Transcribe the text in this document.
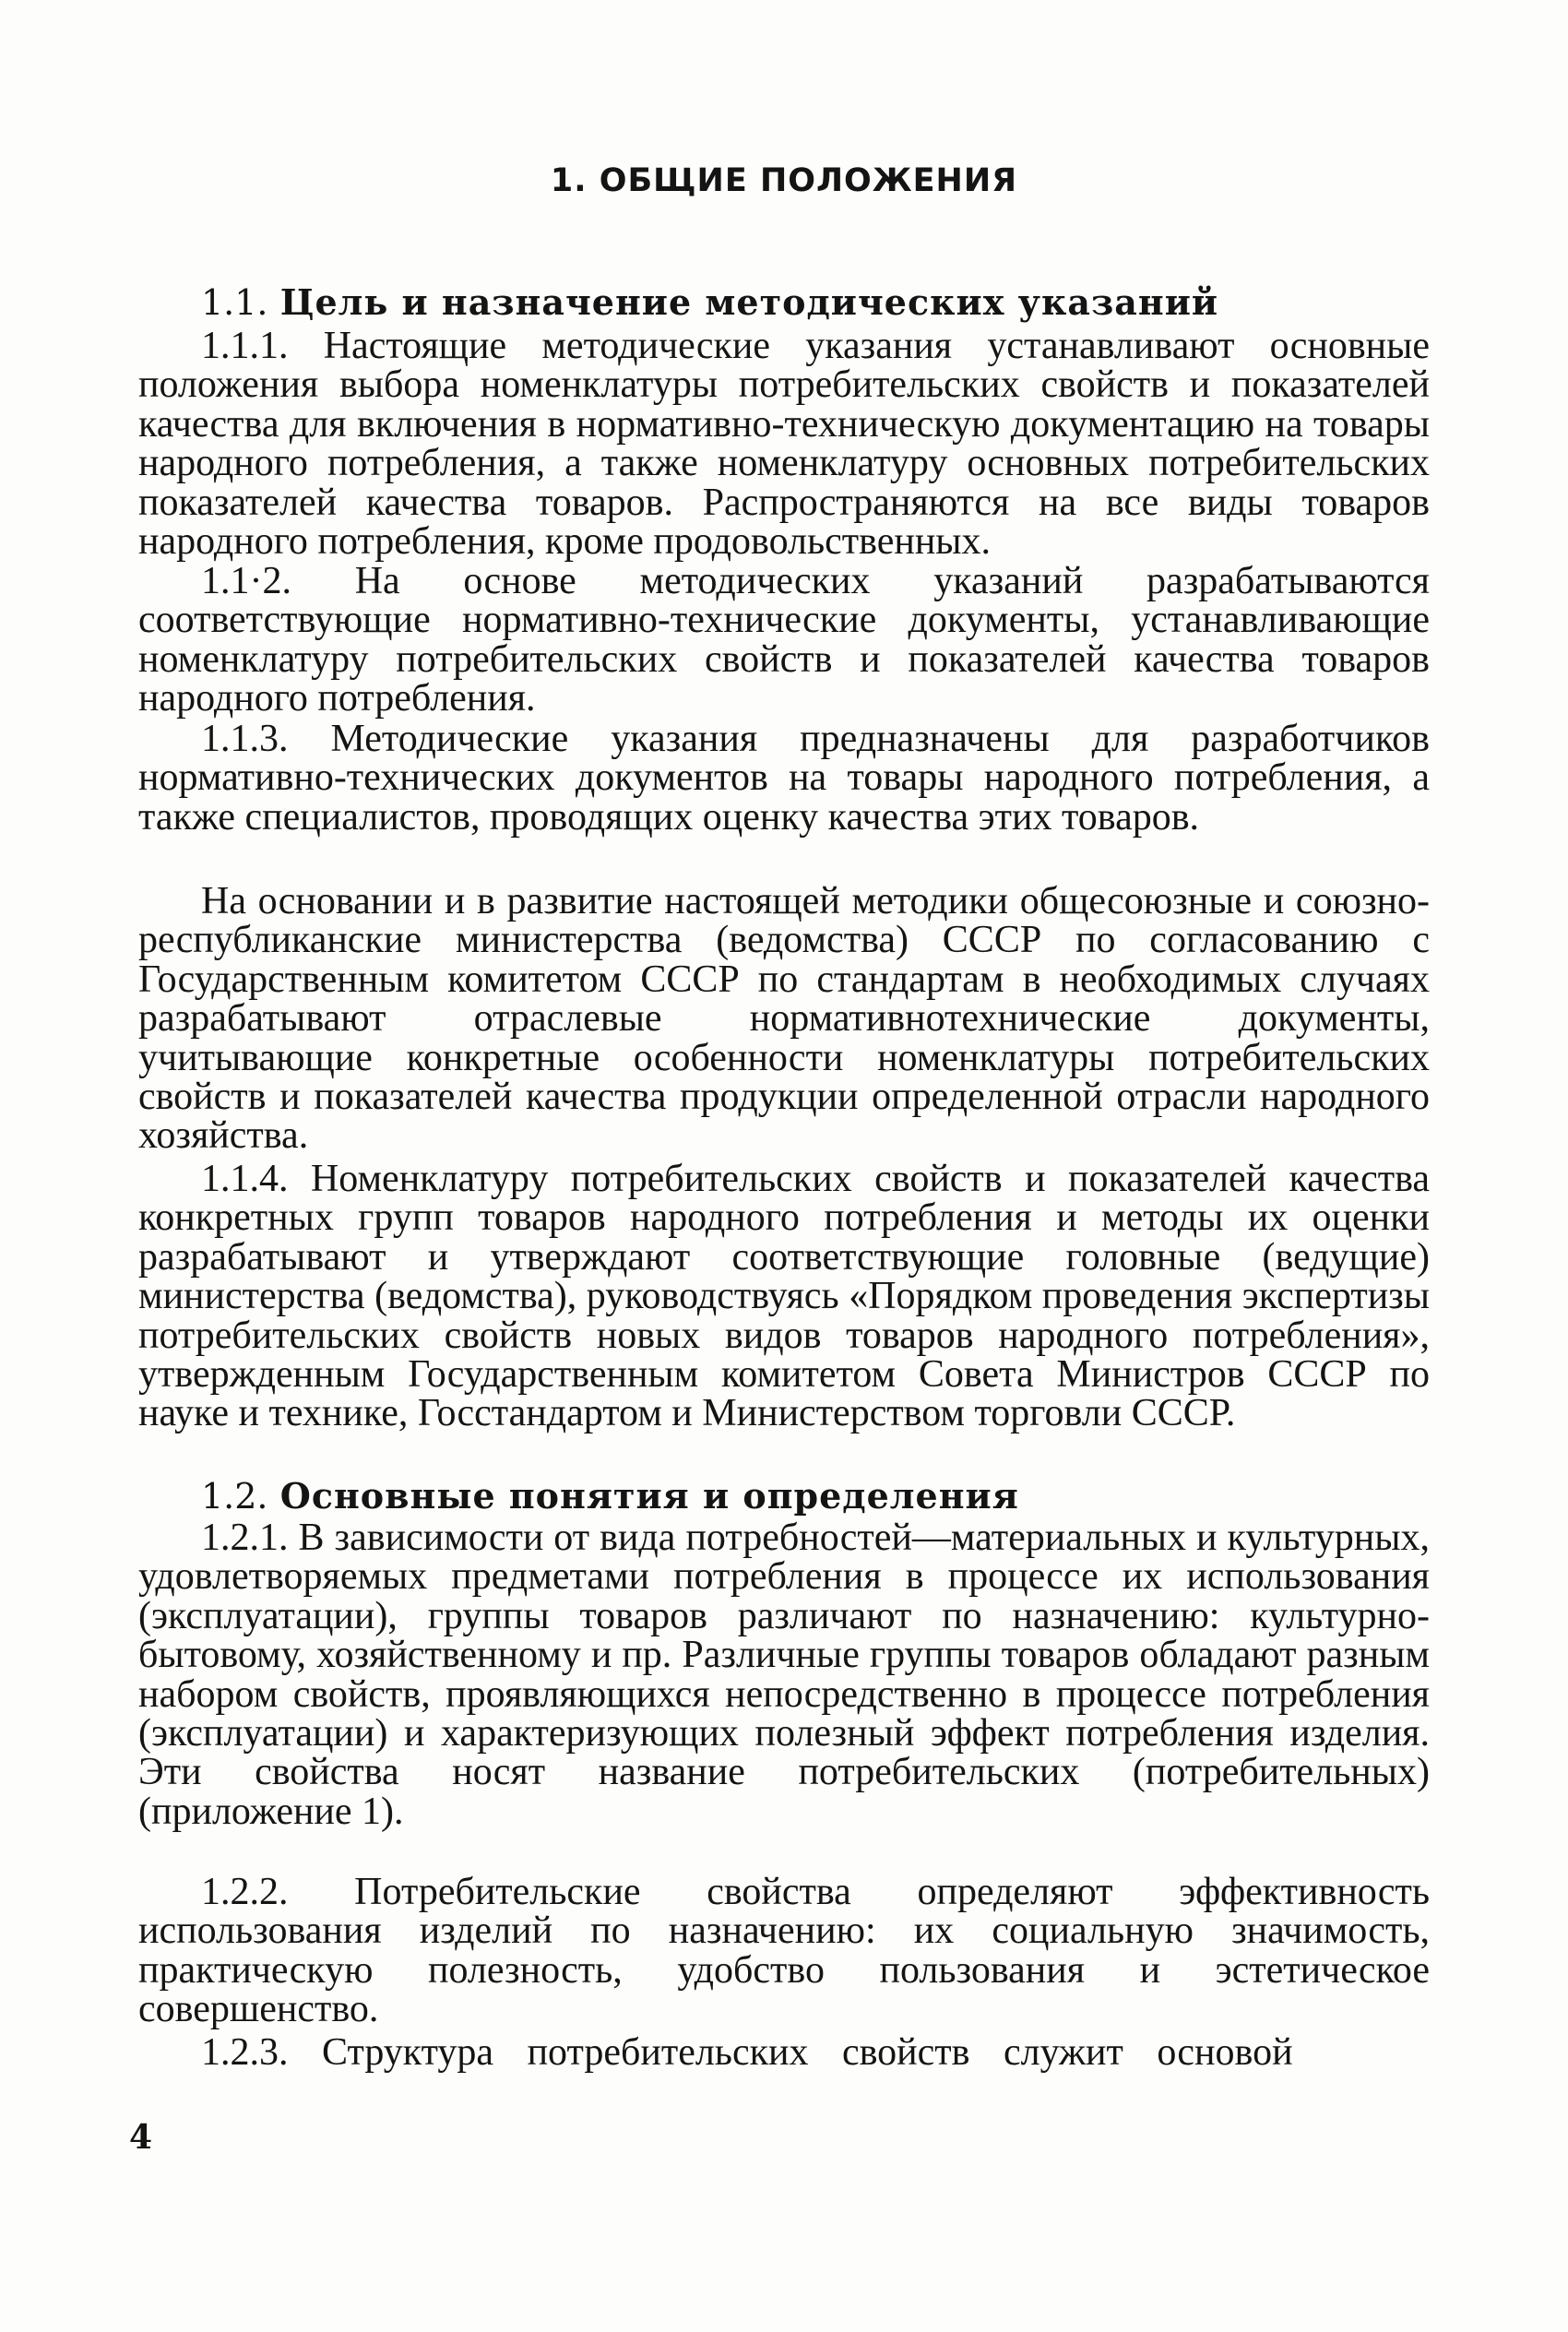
1. ОБЩИЕ ПОЛОЖЕНИЯ
1.1. Цель и назначение методических указаний

1.1.1. Настоящие методические указания устанавливают основные положения выбора номенклатуры потребительских свойств и показателей качества для включения в нормативно-техническую документацию на товары народного потребления, а также номенклатуру основных потребительских показателей качества товаров. Распространяются на все виды товаров народного потребления, кроме продовольственных.

1.1·2. На основе методических указаний разрабатываются соответствующие нормативно-технические документы, устанавливающие номенклатуру потребительских свойств и показателей качества товаров народного потребления.

1.1.3. Методические указания предназначены для разработчиков нормативно-технических документов на товары народного потребления, а также специалистов, проводящих оценку качества этих товаров.

На основании и в развитие настоящей методики общесоюзные и союзно-республиканские министерства (ведомства) СССР по согласованию с Государственным комитетом СССР по стандартам в необходимых случаях разрабатывают отраслевые нормативнотехнические документы, учитывающие конкретные особенности номенклатуры потребительских свойств и показателей качества продукции определенной отрасли народного хозяйства.

1.1.4. Номенклатуру потребительских свойств и показателей качества конкретных групп товаров народного потребления и методы их оценки разрабатывают и утверждают соответствующие головные (ведущие) министерства (ведомства), руководствуясь «Порядком проведения экспертизы потребительских свойств новых видов товаров народного потребления», утвержденным Государственным комитетом Совета Министров СССР по науке и технике, Госстандартом и Министерством торговли СССР.

1.2. Основные понятия и определения

1.2.1. В зависимости от вида потребностей—материальных и культурных, удовлетворяемых предметами потребления в процессе их использования (эксплуатации), группы товаров различают по назначению: культурно-бытовому, хозяйственному и пр. Различные группы товаров обладают разным набором свойств, проявляющихся непосредственно в процессе потребления (эксплуатации) и характеризующих полезный эффект потребления изделия. Эти свойства носят название потребительских (потребительных) (приложение 1).

1.2.2. Потребительские свойства определяют эффективность использования изделий по назначению: их социальную значимость, практическую полезность, удобство пользования и эстетическое совершенство.

1.2.3. Структура потребительских свойств служит основой

4
